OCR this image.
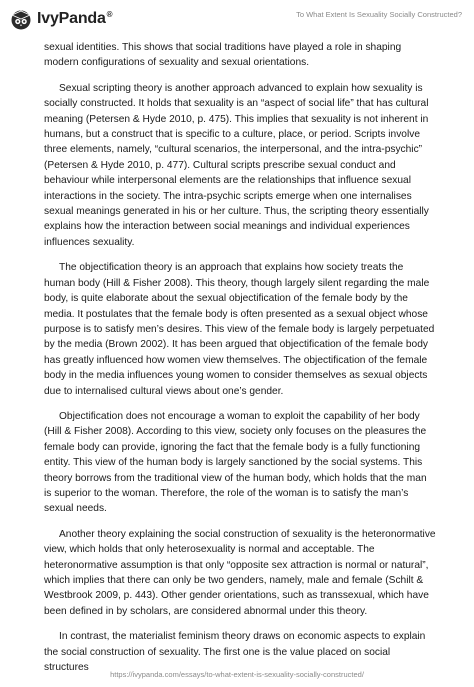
IvyPanda®	To What Extent Is Sexuality Socially Constructed?

sexual identities. This shows that social traditions have played a role in shaping modern configurations of sexuality and sexual orientations.

Sexual scripting theory is another approach advanced to explain how sexuality is socially constructed. It holds that sexuality is an “aspect of social life” that has cultural meaning (Petersen & Hyde 2010, p. 475). This implies that sexuality is not inherent in humans, but a construct that is specific to a culture, place, or period. Scripts involve three elements, namely, “cultural scenarios, the interpersonal, and the intra-psychic” (Petersen & Hyde 2010, p. 477). Cultural scripts prescribe sexual conduct and behaviour while interpersonal elements are the relationships that influence sexual interactions in the society. The intra-psychic scripts emerge when one internalises sexual meanings generated in his or her culture. Thus, the scripting theory essentially explains how the interaction between social meanings and individual experiences influences sexuality.

The objectification theory is an approach that explains how society treats the human body (Hill & Fisher 2008). This theory, though largely silent regarding the male body, is quite elaborate about the sexual objectification of the female body by the media. It postulates that the female body is often presented as a sexual object whose purpose is to satisfy men’s desires. This view of the female body is largely perpetuated by the media (Brown 2002). It has been argued that objectification of the female body has greatly influenced how women view themselves. The objectification of the female body in the media influences young women to consider themselves as sexual objects due to internalised cultural views about one’s gender.

Objectification does not encourage a woman to exploit the capability of her body (Hill & Fisher 2008). According to this view, society only focuses on the pleasures the female body can provide, ignoring the fact that the female body is a fully functioning entity. This view of the human body is largely sanctioned by the social systems. This theory borrows from the traditional view of the human body, which holds that the man is superior to the woman. Therefore, the role of the woman is to satisfy the man’s sexual needs.

Another theory explaining the social construction of sexuality is the heteronormative view, which holds that only heterosexuality is normal and acceptable. The heteronormative assumption is that only “opposite sex attraction is normal or natural”, which implies that there can only be two genders, namely, male and female (Schilt & Westbrook 2009, p. 443). Other gender orientations, such as transsexual, which have been defined in by scholars, are considered abnormal under this theory.

In contrast, the materialist feminism theory draws on economic aspects to explain the social construction of sexuality. The first one is the value placed on social structures

https://ivypanda.com/essays/to-what-extent-is-sexuality-socially-constructed/
